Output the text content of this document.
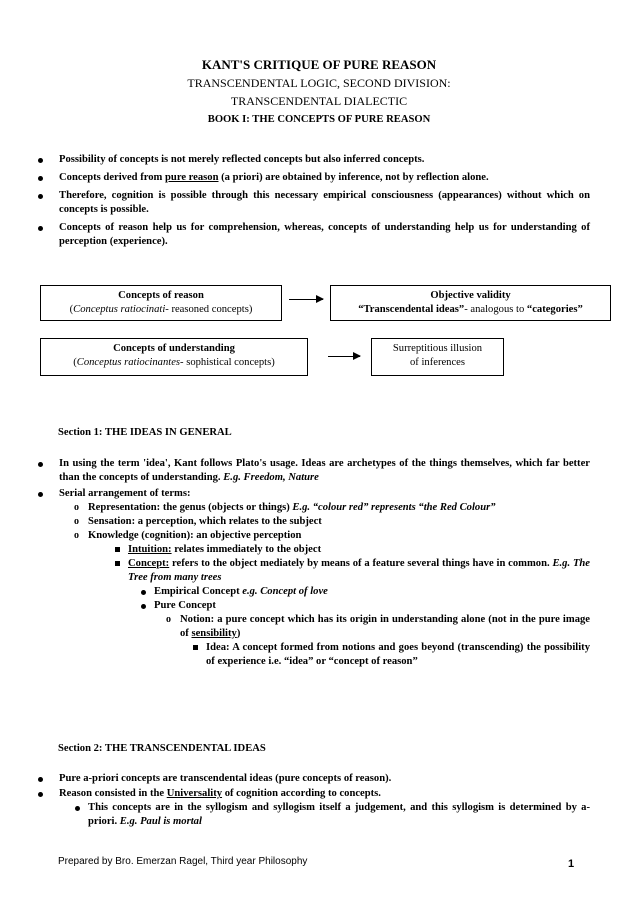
KANT'S CRITIQUE OF PURE REASON
TRANSCENDENTAL LOGIC, SECOND DIVISION:
TRANSCENDENTAL DIALECTIC
BOOK I: THE CONCEPTS OF PURE REASON
Possibility of concepts is not merely reflected concepts but also inferred concepts.
Concepts derived from pure reason (a priori) are obtained by inference, not by reflection alone.
Therefore, cognition is possible through this necessary empirical consciousness (appearances) without which on concepts is possible.
Concepts of reason help us for comprehension, whereas, concepts of understanding help us for understanding of perception (experience).
Concepts of reason
(Conceptus ratiocinati- reasoned concepts)
Objective validity
“Transcendental ideas”- analogous to “categories”
Concepts of understanding
(Conceptus ratiocinantes- sophistical concepts)
Surreptitious illusion
of inferences
Section 1: THE IDEAS IN GENERAL
In using the term 'idea', Kant follows Plato's usage. Ideas are archetypes of the things themselves, which far better than the concepts of understanding. E.g. Freedom, Nature
Serial arrangement of terms:
o Representation: the genus (objects or things) E.g. “colour red” represents “the Red Colour”
o Sensation: a perception, which relates to the subject
o Knowledge (cognition): an objective perception
Intuition: relates immediately to the object
Concept: refers to the object mediately by means of a feature several things have in common. E.g. The Tree from many trees
Empirical Concept e.g. Concept of love
Pure Concept
o Notion: a pure concept which has its origin in understanding alone (not in the pure image of sensibility)
Idea: A concept formed from notions and goes beyond (transcending) the possibility of experience i.e. “idea” or “concept of reason”
Section 2: THE TRANSCENDENTAL IDEAS
Pure a-priori concepts are transcendental ideas (pure concepts of reason).
Reason consisted in the Universality of cognition according to concepts.
This concepts are in the syllogism and syllogism itself a judgement, and this syllogism is determined by a-priori. E.g. Paul is mortal
Prepared by Bro. Emerzan Ragel, Third year Philosophy	1
